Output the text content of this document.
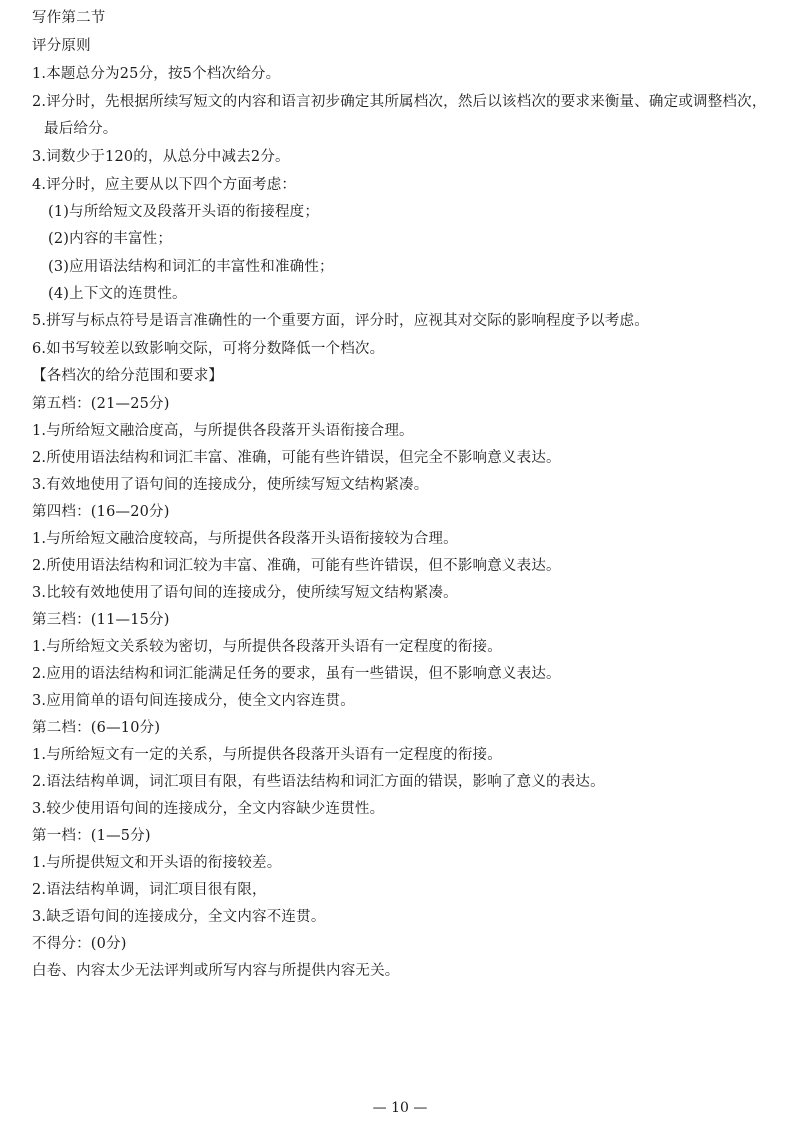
写作第二节
评分原则
1.本题总分为25分，按5个档次给分。
2.评分时，先根据所续写短文的内容和语言初步确定其所属档次，然后以该档次的要求来衡量、确定或调整档次，
最后给分。
3.词数少于120的，从总分中减去2分。
4.评分时，应主要从以下四个方面考虑：
(1)与所给短文及段落开头语的衔接程度；
(2)内容的丰富性；
(3)应用语法结构和词汇的丰富性和准确性；
(4)上下文的连贯性。
5.拼写与标点符号是语言准确性的一个重要方面，评分时，应视其对交际的影响程度予以考虑。
6.如书写较差以致影响交际，可将分数降低一个档次。
【各档次的给分范围和要求】
第五档：(21—25分)
1.与所给短文融洽度高，与所提供各段落开头语衔接合理。
2.所使用语法结构和词汇丰富、准确，可能有些许错误，但完全不影响意义表达。
3.有效地使用了语句间的连接成分，使所续写短文结构紧凑。
第四档：(16—20分)
1.与所给短文融洽度较高，与所提供各段落开头语衔接较为合理。
2.所使用语法结构和词汇较为丰富、准确，可能有些许错误，但不影响意义表达。
3.比较有效地使用了语句间的连接成分，使所续写短文结构紧凑。
第三档：(11—15分)
1.与所给短文关系较为密切，与所提供各段落开头语有一定程度的衔接。
2.应用的语法结构和词汇能满足任务的要求，虽有一些错误，但不影响意义表达。
3.应用简单的语句间连接成分，使全文内容连贯。
第二档：(6—10分)
1.与所给短文有一定的关系，与所提供各段落开头语有一定程度的衔接。
2.语法结构单调，词汇项目有限，有些语法结构和词汇方面的错误，影响了意义的表达。
3.较少使用语句间的连接成分，全文内容缺少连贯性。
第一档：(1—5分)
1.与所提供短文和开头语的衔接较差。
2.语法结构单调，词汇项目很有限，
3.缺乏语句间的连接成分，全文内容不连贯。
不得分：(0分)
白卷、内容太少无法评判或所写内容与所提供内容无关。
— 10 —
